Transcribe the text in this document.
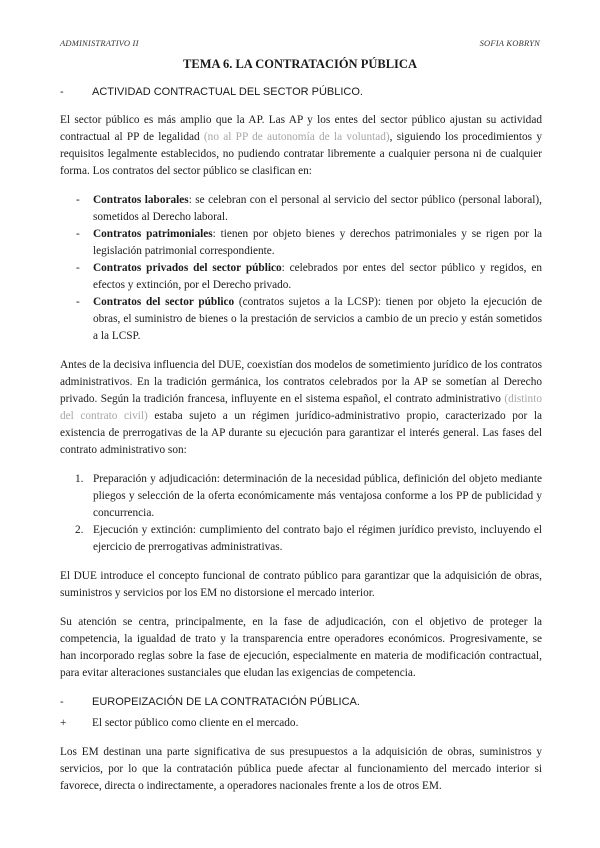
ADMINISTRATIVO II	SOFIA KOBRYN
TEMA 6. LA CONTRATACIÓN PÚBLICA
-	ACTIVIDAD CONTRACTUAL DEL SECTOR PÚBLICO.

El sector público es más amplio que la AP. Las AP y los entes del sector público ajustan su actividad contractual al PP de legalidad (no al PP de autonomía de la voluntad), siguiendo los procedimientos y requisitos legalmente establecidos, no pudiendo contratar libremente a cualquier persona ni de cualquier forma. Los contratos del sector público se clasifican en:

- Contratos laborales: se celebran con el personal al servicio del sector público (personal laboral), sometidos al Derecho laboral.
- Contratos patrimoniales: tienen por objeto bienes y derechos patrimoniales y se rigen por la legislación patrimonial correspondiente.
- Contratos privados del sector público: celebrados por entes del sector público y regidos, en efectos y extinción, por el Derecho privado.
- Contratos del sector público (contratos sujetos a la LCSP): tienen por objeto la ejecución de obras, el suministro de bienes o la prestación de servicios a cambio de un precio y están sometidos a la LCSP.

Antes de la decisiva influencia del DUE, coexistían dos modelos de sometimiento jurídico de los contratos administrativos. En la tradición germánica, los contratos celebrados por la AP se sometían al Derecho privado. Según la tradición francesa, influyente en el sistema español, el contrato administrativo (distinto del contrato civil) estaba sujeto a un régimen jurídico-administrativo propio, caracterizado por la existencia de prerrogativas de la AP durante su ejecución para garantizar el interés general. Las fases del contrato administrativo son:

1. Preparación y adjudicación: determinación de la necesidad pública, definición del objeto mediante pliegos y selección de la oferta económicamente más ventajosa conforme a los PP de publicidad y concurrencia.
2. Ejecución y extinción: cumplimiento del contrato bajo el régimen jurídico previsto, incluyendo el ejercicio de prerrogativas administrativas.

El DUE introduce el concepto funcional de contrato público para garantizar que la adquisición de obras, suministros y servicios por los EM no distorsione el mercado interior.

Su atención se centra, principalmente, en la fase de adjudicación, con el objetivo de proteger la competencia, la igualdad de trato y la transparencia entre operadores económicos. Progresivamente, se han incorporado reglas sobre la fase de ejecución, especialmente en materia de modificación contractual, para evitar alteraciones sustanciales que eludan las exigencias de competencia.

-	EUROPEIZACIÓN DE LA CONTRATACIÓN PÚBLICA.
+ El sector público como cliente en el mercado.

Los EM destinan una parte significativa de sus presupuestos a la adquisición de obras, suministros y servicios, por lo que la contratación pública puede afectar al funcionamiento del mercado interior si favorece, directa o indirectamente, a operadores nacionales frente a los de otros EM.
